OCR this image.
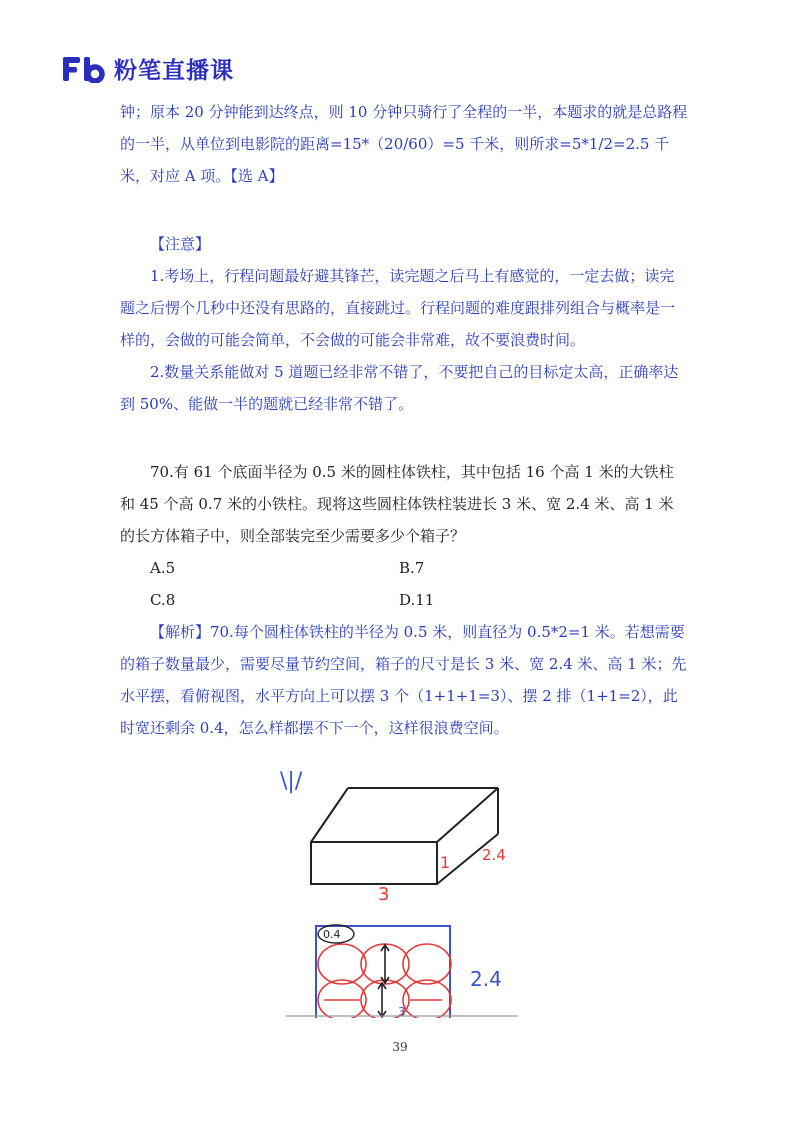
粉笔直播课

钟；原本 20 分钟能到达终点，则 10 分钟只骑行了全程的一半，本题求的就是总路程的一半，从单位到电影院的距离=15*（20/60）=5 千米，则所求=5*1/2=2.5 千米，对应 A 项。【选 A】

【注意】

1.考场上，行程问题最好避其锋芒，读完题之后马上有感觉的，一定去做；读完题之后愣个几秒中还没有思路的，直接跳过。行程问题的难度跟排列组合与概率是一样的，会做的可能会简单，不会做的可能会非常难，故不要浪费时间。

2.数量关系能做对 5 道题已经非常不错了，不要把自己的目标定太高，正确率达到 50%、能做一半的题就已经非常不错了。

70.有 61 个底面半径为 0.5 米的圆柱体铁柱，其中包括 16 个高 1 米的大铁柱和 45 个高 0.7 米的小铁柱。现将这些圆柱体铁柱装进长 3 米、宽 2.4 米、高 1 米的长方体箱子中，则全部装完至少需要多少个箱子？

A.5	B.7
C.8	D.11

【解析】70.每个圆柱体铁柱的半径为 0.5 米，则直径为 0.5*2=1 米。若想需要的箱子数量最少，需要尽量节约空间，箱子的尺寸是长 3 米、宽 2.4 米、高 1 米；先水平摆，看俯视图，水平方向上可以摆 3 个（1+1+1=3）、摆 2 排（1+1=2），此时宽还剩余 0.4，怎么样都摆不下一个，这样很浪费空间。

\|/
1 2.4
3
0.4
2.4
3
39
